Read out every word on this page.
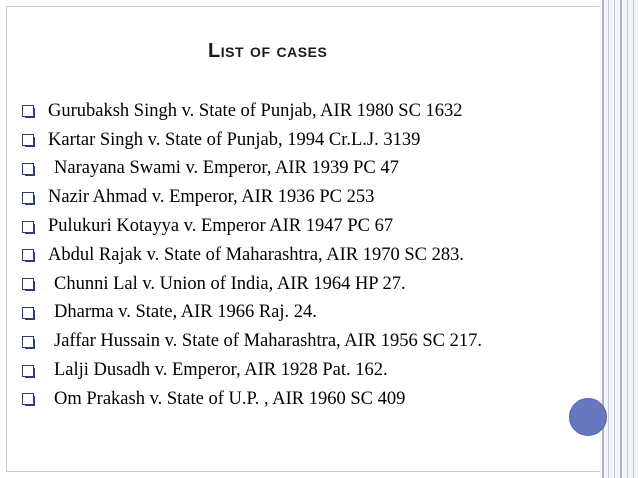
List of cases
Gurubaksh Singh v. State of Punjab, AIR 1980 SC 1632
Kartar Singh v. State of Punjab, 1994 Cr.L.J. 3139
Narayana Swami v. Emperor, AIR 1939 PC 47
Nazir Ahmad v. Emperor, AIR 1936 PC 253
Pulukuri Kotayya v. Emperor AIR 1947 PC 67
Abdul Rajak v. State of Maharashtra, AIR 1970 SC 283.
Chunni Lal v. Union of India, AIR 1964 HP 27.
Dharma v. State, AIR 1966 Raj. 24.
Jaffar Hussain v. State of Maharashtra, AIR 1956 SC 217.
Lalji Dusadh v. Emperor, AIR 1928 Pat. 162.
Om Prakash v. State of U.P. , AIR 1960 SC 409
